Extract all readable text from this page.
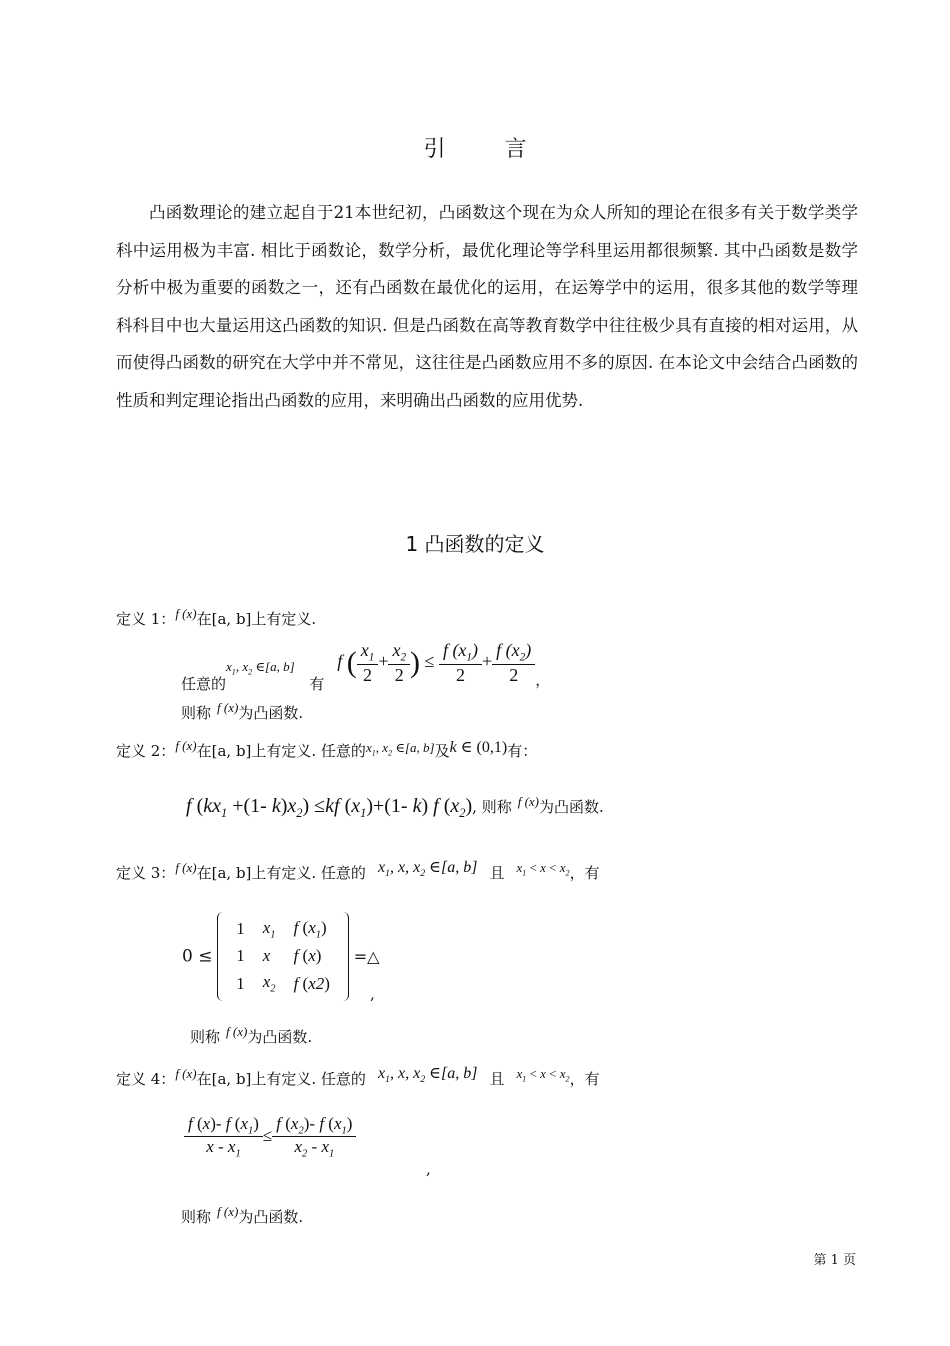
引 言
凸函数理论的建立起自于21本世纪初，凸函数这个现在为众人所知的理论在很多有关于数学类学科中运用极为丰富. 相比于函数论，数学分析，最优化理论等学科里运用都很频繁. 其中凸函数是数学分析中极为重要的函数之一，还有凸函数在最优化的运用，在运筹学中的运用，很多其他的数学等理科科目中也大量运用这凸函数的知识. 但是凸函数在高等教育数学中往往极少具有直接的相对运用，从而使得凸函数的研究在大学中并不常见，这往往是凸函数应用不多的原因. 在本论文中会结合凸函数的性质和判定理论指出凸函数的应用，来明确出凸函数的应用优势.
1 凸函数的定义
定义 1：f (x)在[a, b]上有定义.
任意的$x_1$, $x_2$ ∈[a, b] 有 f ( $\frac{x_1}{2} + \frac{x_2}{2}$ ) ≤ $\frac{f (x_1)}{2} + \frac{f (x_2)}{2}$ ，
则称 f (x)为凸函数.
定义 2：f (x)在[a, b]上有定义. 任意的$x_1$, $x_2$ ∈[a, b]及k ∈ (0,1)有：
f ($kx_1 +(1-$ $k)x_2) \le kf$ $(x_1)+(1-$ k) f $(x_2)$, 则称 f (x)为凸函数.
定义 3：f (x)在[a, b]上有定义. 任意的 $x_1$, x, $x_2$ ∈[a, b] 且 $x_1 < x < x_2$，有
0 ≤ 1	$x_1$	f $(x_1)$
1	x	f (x)
1	$x_2$	f (x2) =△
,
则称 f (x)为凸函数.
定义 4：f (x)在[a, b]上有定义. 任意的 $x_1$, x, $x_2$ ∈[a, b] 且 $x_1 < x < x_2$，有
$\frac{f (x)- f (x_1)}{x - x_1} \le \frac{f (x_2)- f (x_1)}{x_2 - x_1}$
,
则称 f (x)为凸函数.
第 1 页
